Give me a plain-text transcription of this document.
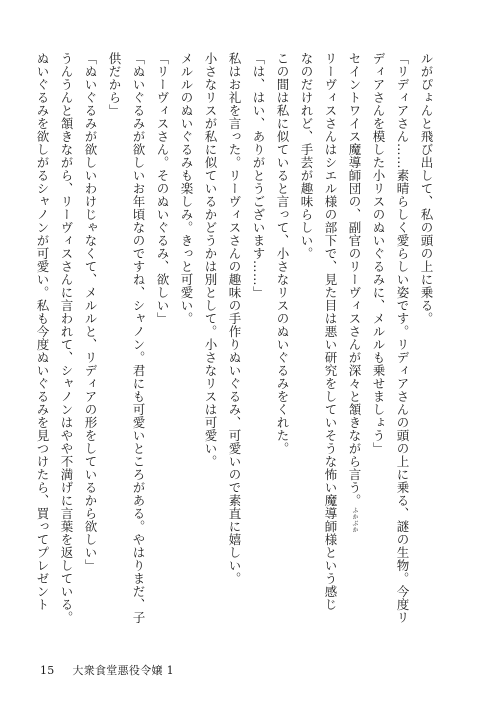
ルがぴょんと飛び出して、私の頭の上に乗る。
「リディアさん……素晴らしく愛らしい姿です。リディアさんの頭の上に乗る、謎の生物。今度リ
ディアさんを模した小リスのぬいぐるみに、メルルも乗せましょう」
セイントワイス魔導師団の、副官のリーヴィスさんが深々と頷きながら言う。ふかぶか
リーヴィスさんはシエル様の部下で、見た目は悪い研究をしていそうな怖い魔導師様という感じ
なのだけれど、手芸が趣味らしい。
この間は私に似ていると言って、小さなリスのぬいぐるみをくれた。
「は、はい、ありがとうございます……」
私はお礼を言った。リーヴィスさんの趣味の手作りぬいぐるみ、可愛いので素直に嬉しい。
小さなリスが私に似ているかどうかは別として。小さなリスは可愛い。
メルルのぬいぐるみも楽しみ。きっと可愛い。
「リーヴィスさん。そのぬいぐるみ、欲しい」
「ぬいぐるみが欲しいお年頃なのですね、シャノン。君にも可愛いところがある。やはりまだ、子
供だから」
「ぬいぐるみが欲しいわけじゃなくて、メルルと、リディアの形をしているから欲しい」
うんうんと頷きながら、リーヴィスさんに言われて、シャノンはやや不満げに言葉を返している。
ぬいぐるみを欲しがるシャノンが可愛い。私も今度ぬいぐるみを見つけたら、買ってプレゼント
15 大衆食堂悪役令嬢 1
